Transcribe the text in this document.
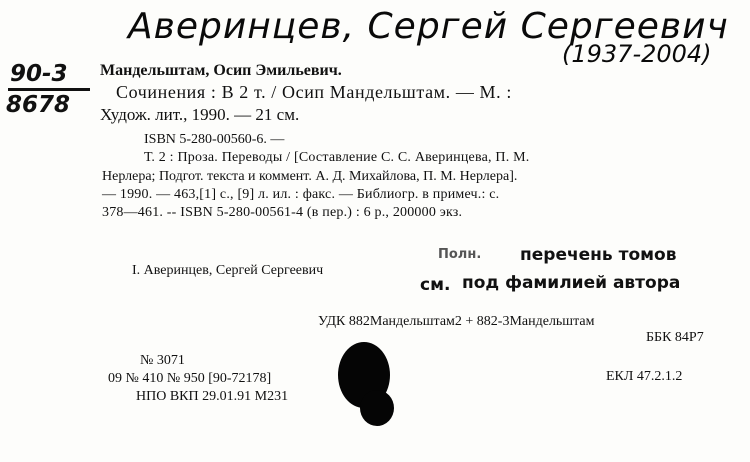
Аверинцев, Сергей Сергеевич
(1937-2004)
90-3
8678
Мандельштам, Осип Эмильевич.
Сочинения : В 2 т. / Осип Мандельштам. — М. :
Худож. лит., 1990. — 21 см.
ISBN 5-280-00560-6. —
Т. 2 : Проза. Переводы / [Составление С. С. Аверинцева, П. М.
Нерлера; Подгот. текста и коммент. А. Д. Михайлова, П. М. Нерлера].
— 1990. — 463,[1] с., [9] л. ил. : факс. — Библиогр. в примеч.: с.
378—461. -- ISBN 5-280-00561-4 (в пер.) : 6 р., 200000 экз.
I. Аверинцев, Сергей Сергеевич
Полн. перечень томов
см. под фамилией автора
УДК 882Мандельштам2 + 882-3Мандельштам
ББК 84Р7
№ 3071
09 № 410 № 950 [90-72178]
НПО ВКП 29.01.91 М231
ЕКЛ 47.2.1.2
